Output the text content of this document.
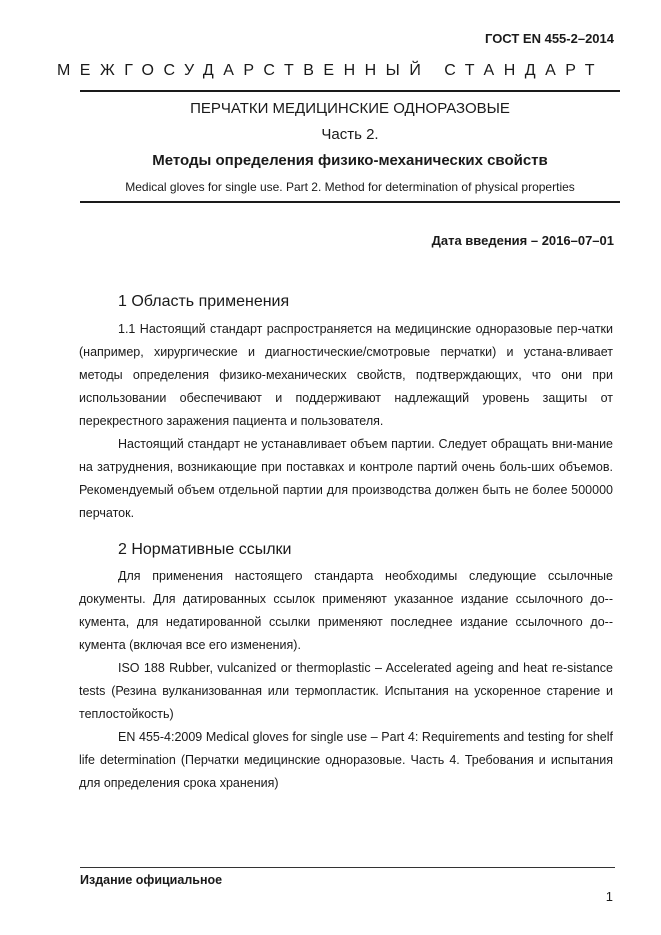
ГОСТ EN 455-2–2014
МЕЖГОСУДАРСТВЕННЫЙ СТАНДАРТ
ПЕРЧАТКИ МЕДИЦИНСКИЕ ОДНОРАЗОВЫЕ
Часть 2.
Методы определения физико-механических свойств
Medical gloves for single use. Part 2. Method for determination of physical properties
Дата введения – 2016–07–01
1 Область применения
1.1 Настоящий стандарт распространяется на медицинские одноразовые пер-чатки (например, хирургические и диагностические/смотровые перчатки) и устана-вливает методы определения физико-механических свойств, подтверждающих, что они при использовании обеспечивают и поддерживают надлежащий уровень защиты от перекрестного заражения пациента и пользователя.
Настоящий стандарт не устанавливает объем партии. Следует обращать вни-мание на затруднения, возникающие при поставках и контроле партий очень боль-ших объемов. Рекомендуемый объем отдельной партии для производства должен быть не более 500000 перчаток.
2 Нормативные ссылки
Для применения настоящего стандарта необходимы следующие ссылочные документы. Для датированных ссылок применяют указанное издание ссылочного до-кумента, для недатированной ссылки применяют последнее издание ссылочного до-кумента (включая все его изменения).
ISO 188 Rubber, vulcanized or thermoplastic – Accelerated ageing and heat re-sistance tests (Резина вулканизованная или термопластик. Испытания на ускоренное старение и теплостойкость)
EN 455-4:2009 Medical gloves for single use – Part 4: Requirements and testing for shelf life determination (Перчатки медицинские одноразовые. Часть 4. Требования и испытания для определения срока хранения)
Издание официальное
1
